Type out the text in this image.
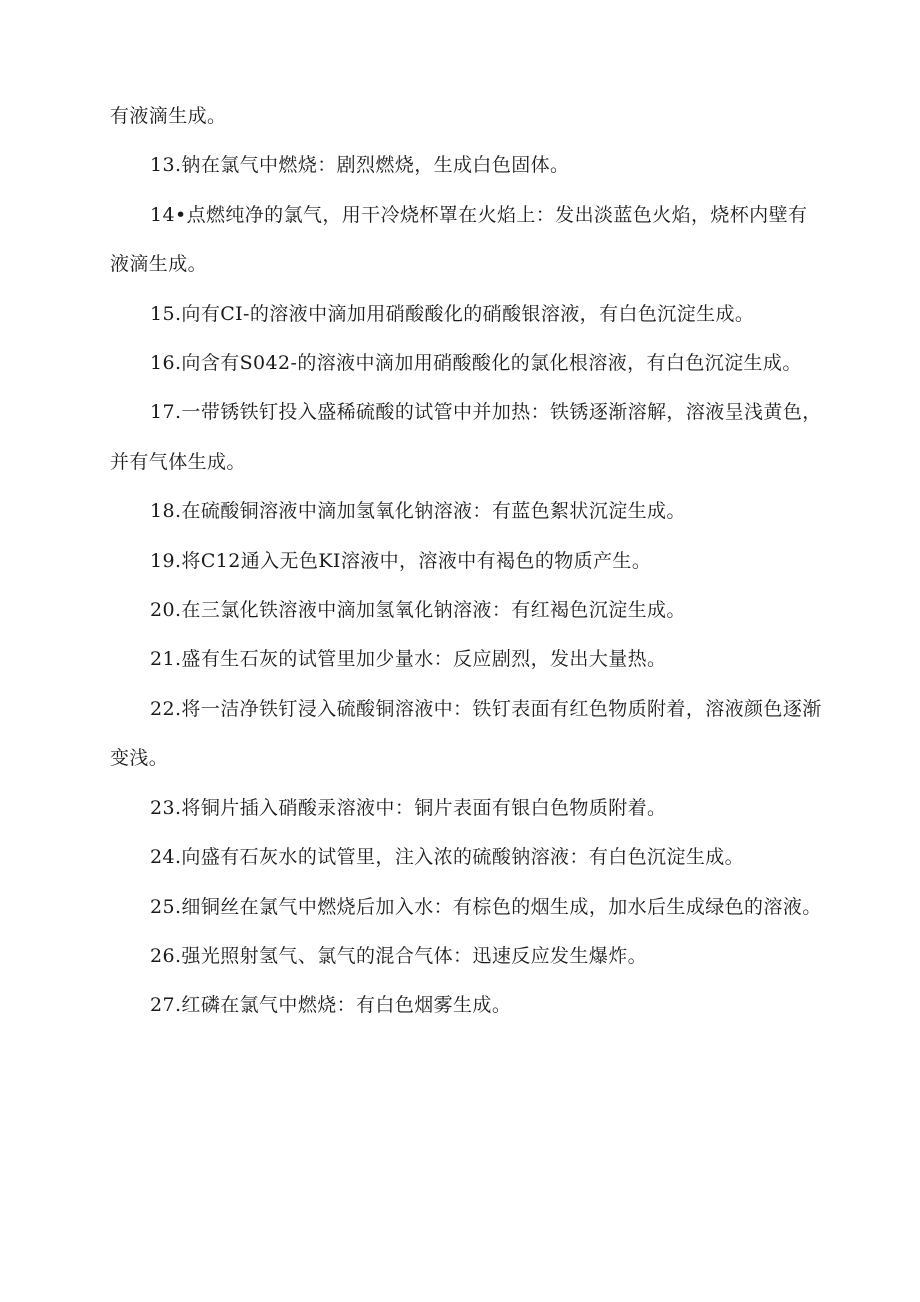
有液滴生成。

13.钠在氯气中燃烧：剧烈燃烧，生成白色固体。

14•点燃纯净的氯气，用干冷烧杯罩在火焰上：发出淡蓝色火焰，烧杯内壁有液滴生成。

15.向有CI-的溶液中滴加用硝酸酸化的硝酸银溶液，有白色沉淀生成。

16.向含有S042-的溶液中滴加用硝酸酸化的氯化根溶液，有白色沉淀生成。

17.一带锈铁钉投入盛稀硫酸的试管中并加热：铁锈逐渐溶解，溶液呈浅黄色，并有气体生成。

18.在硫酸铜溶液中滴加氢氧化钠溶液：有蓝色絮状沉淀生成。

19.将C12通入无色KI溶液中，溶液中有褐色的物质产生。

20.在三氯化铁溶液中滴加氢氧化钠溶液：有红褐色沉淀生成。

21.盛有生石灰的试管里加少量水：反应剧烈，发出大量热。

22.将一洁净铁钉浸入硫酸铜溶液中：铁钉表面有红色物质附着，溶液颜色逐渐变浅。

23.将铜片插入硝酸汞溶液中：铜片表面有银白色物质附着。

24.向盛有石灰水的试管里，注入浓的硫酸钠溶液：有白色沉淀生成。

25.细铜丝在氯气中燃烧后加入水：有棕色的烟生成，加水后生成绿色的溶液。

26.强光照射氢气、氯气的混合气体：迅速反应发生爆炸。

27.红磷在氯气中燃烧：有白色烟雾生成。
